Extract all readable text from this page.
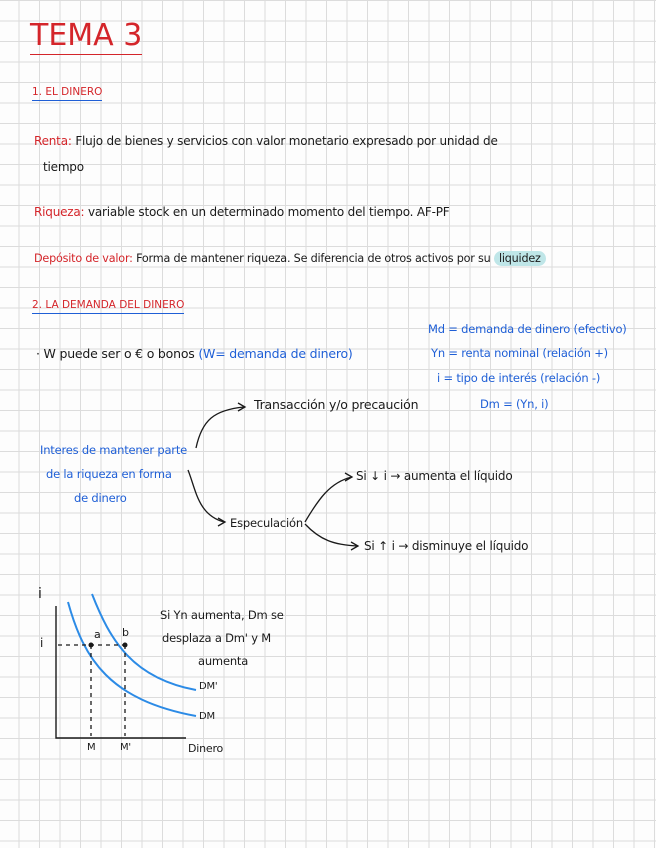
TEMA 3
1. EL DINERO
Renta: Flujo de bienes y servicios con valor monetario expresado por unidad de
tiempo
Riqueza: variable stock en un determinado momento del tiempo. AF-PF
Depósito de valor: Forma de mantener riqueza. Se diferencia de otros activos por su liquidez
2. LA DEMANDA DEL DINERO
· W puede ser o € o bonos (W= demanda de dinero)
Md = demanda de dinero (efectivo)
Yn = renta nominal (relación +)
i = tipo de interés (relación -)
Dm = (Yn, i)
Interes de mantener parte
de la riqueza en forma
de dinero
Transacción y/o precaución
Especulación
Si ↓ i → aumenta el líquido
Si ↑ i → disminuye el líquido
i
i
a b
DM'
DM
M M'	Dinero
Si Yn aumenta, Dm se
desplaza a Dm' y M
aumenta
